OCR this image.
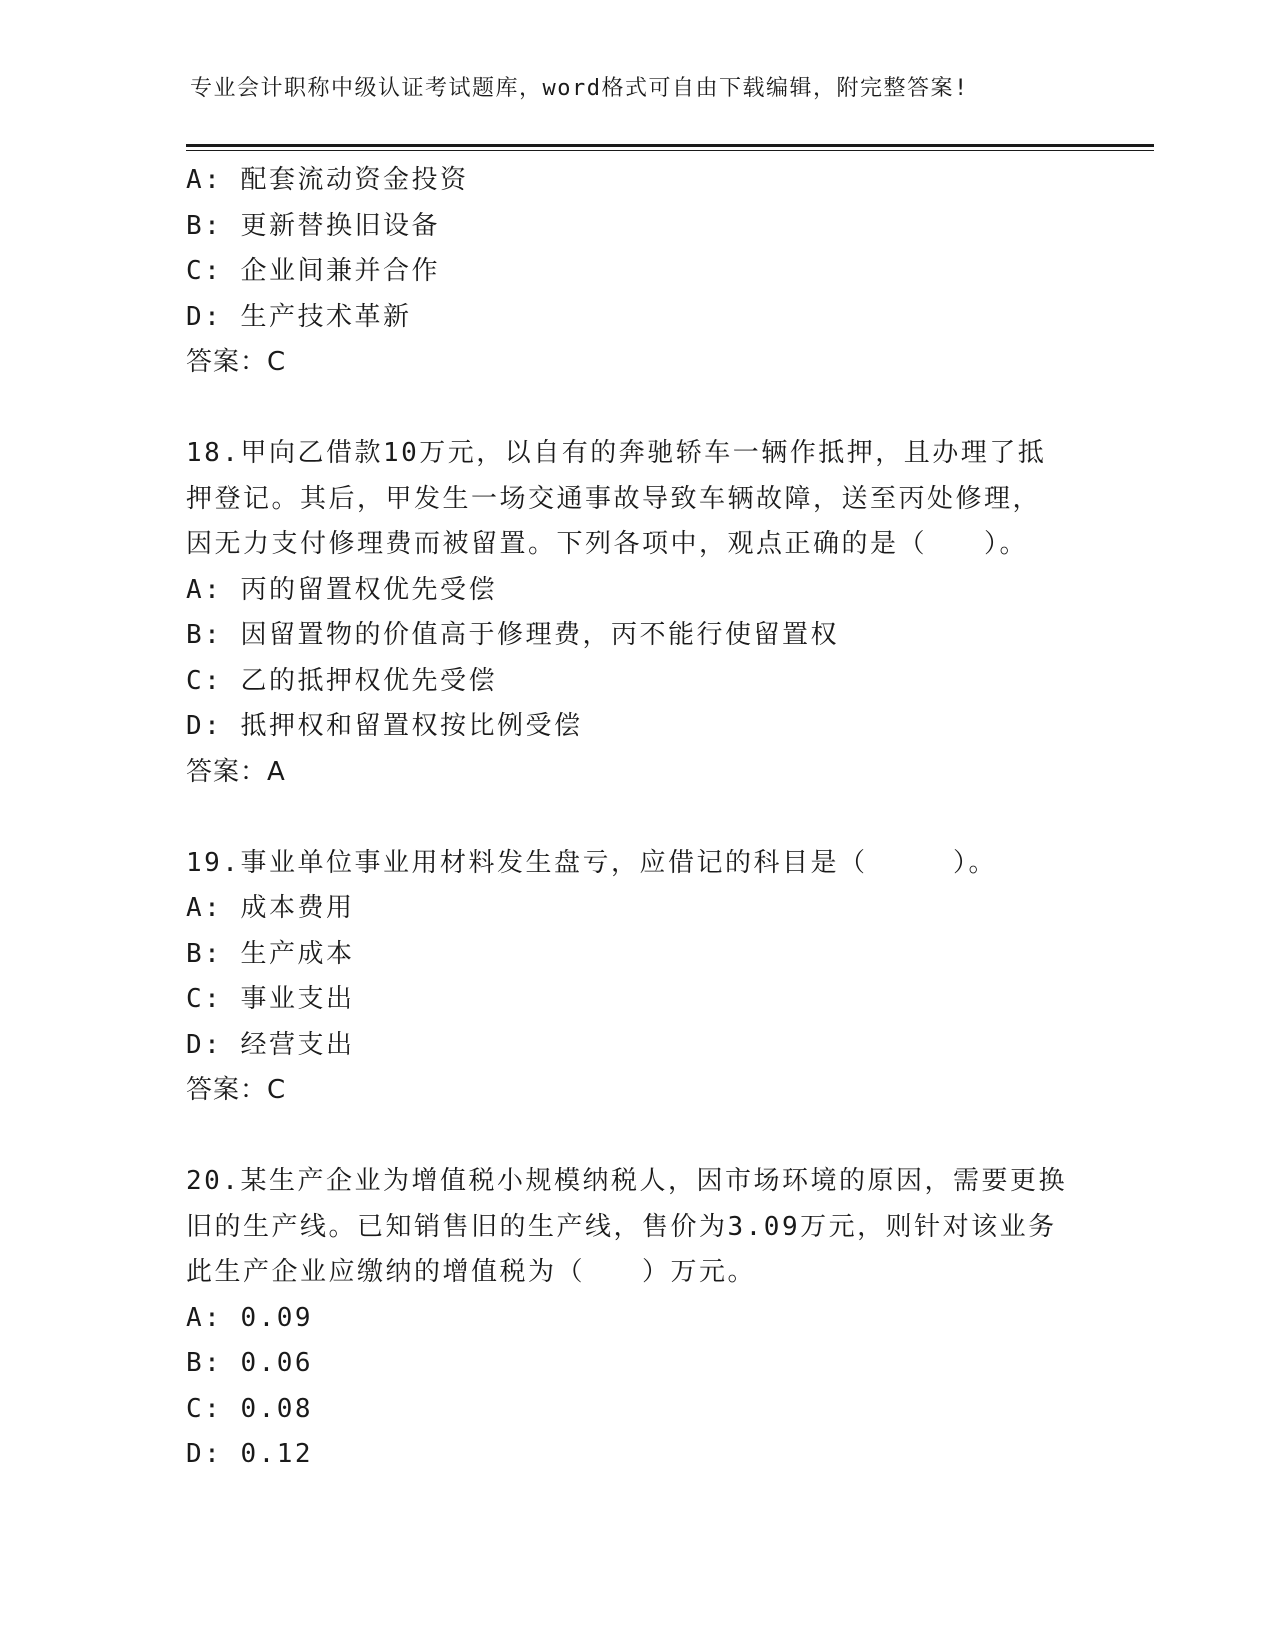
专业会计职称中级认证考试题库，word格式可自由下载编辑，附完整答案!
A: 配套流动资金投资
B: 更新替换旧设备
C: 企业间兼并合作
D: 生产技术革新
答案：C
18.甲向乙借款10万元，以自有的奔驰轿车一辆作抵押，且办理了抵
押登记。其后，甲发生一场交通事故导致车辆故障，送至丙处修理，
因无力支付修理费而被留置。下列各项中，观点正确的是（　　）。
A: 丙的留置权优先受偿
B: 因留置物的价值高于修理费，丙不能行使留置权
C: 乙的抵押权优先受偿
D: 抵押权和留置权按比例受偿
答案：A
19.事业单位事业用材料发生盘亏，应借记的科目是（　　　）。
A: 成本费用
B: 生产成本
C: 事业支出
D: 经营支出
答案：C
20.某生产企业为增值税小规模纳税人，因市场环境的原因，需要更换
旧的生产线。已知销售旧的生产线，售价为3.09万元，则针对该业务
此生产企业应缴纳的增值税为（　　）万元。
A: 0.09
B: 0.06
C: 0.08
D: 0.12
